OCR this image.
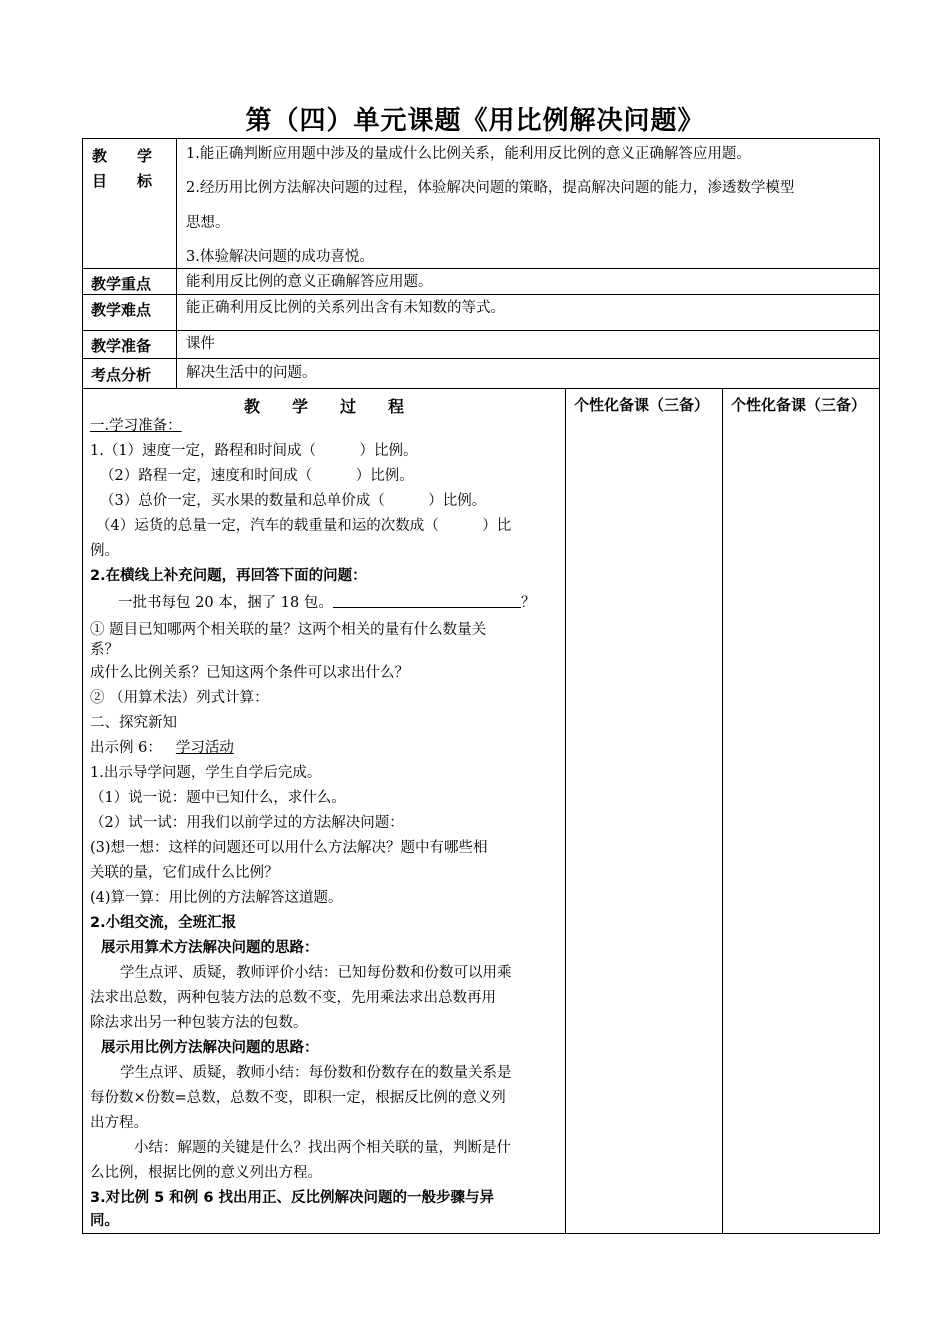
第（四）单元课题《用比例解决问题》
教　　学
目　　标
1.能正确判断应用题中涉及的量成什么比例关系，能利用反比例的意义正确解答应用题。
2.经历用比例方法解决问题的过程，体验解决问题的策略，提高解决问题的能力，渗透数学模型
思想。
3.体验解决问题的成功喜悦。
教学重点 能利用反比例的意义正确解答应用题。
教学难点 能正确利用反比例的关系列出含有未知数的等式。
教学准备 课件
考点分析 解决生活中的问题。
教　　学　　过　　程	个性化备课（三备） 个性化备课（三备）
一.学习准备：
1.（1）速度一定，路程和时间成（　　　）比例。
（2）路程一定，速度和时间成（　　　）比例。
（3）总价一定，买水果的数量和总单价成（　　　）比例。
（4）运货的总量一定，汽车的载重量和运的次数成（　　　）比
例。
2.在横线上补充问题，再回答下面的问题：
一批书每包 20 本，捆了 18 包。	？
① 题目已知哪两个相关联的量？这两个相关的量有什么数量关
系？
成什么比例关系？已知这两个条件可以求出什么？
② （用算术法）列式计算：
二、探究新知
出示例 6： 学习活动
1.出示导学问题，学生自学后完成。
（1）说一说：题中已知什么，求什么。
（2）试一试：用我们以前学过的方法解决问题：
(3)想一想：这样的问题还可以用什么方法解决？题中有哪些相
关联的量，它们成什么比例？
(4)算一算：用比例的方法解答这道题。
2.小组交流，全班汇报
展示用算术方法解决问题的思路：
学生点评、质疑，教师评价小结：已知每份数和份数可以用乘
法求出总数，两种包装方法的总数不变，先用乘法求出总数再用
除法求出另一种包装方法的包数。
展示用比例方法解决问题的思路：
学生点评、质疑，教师小结：每份数和份数存在的数量关系是
每份数×份数=总数，总数不变，即积一定，根据反比例的意义列
出方程。
小结：解题的关键是什么？找出两个相关联的量，判断是什
么比例，根据比例的意义列出方程。
3.对比例 5 和例 6 找出用正、反比例解决问题的一般步骤与异
同。
